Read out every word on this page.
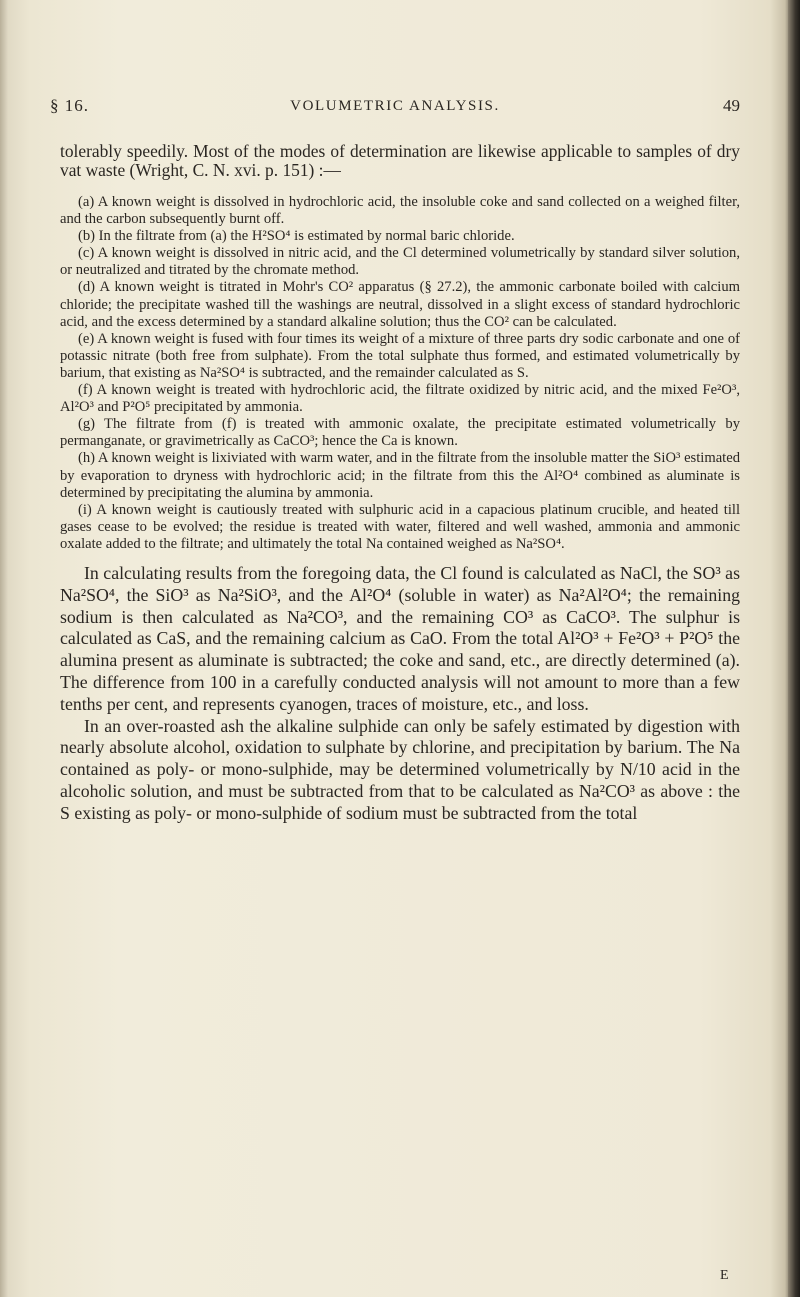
§ 16.	VOLUMETRIC ANALYSIS.	49

tolerably speedily. Most of the modes of determination are likewise applicable to samples of dry vat waste (Wright, C. N. xvi. p. 151) :—

(a) A known weight is dissolved in hydrochloric acid, the insoluble coke and sand collected on a weighed filter, and the carbon subsequently burnt off.

(b) In the filtrate from (a) the H²SO⁴ is estimated by normal baric chloride.

(c) A known weight is dissolved in nitric acid, and the Cl determined volumetrically by standard silver solution, or neutralized and titrated by the chromate method.

(d) A known weight is titrated in Mohr's CO² apparatus (§ 27.2), the ammonic carbonate boiled with calcium chloride; the precipitate washed till the washings are neutral, dissolved in a slight excess of standard hydrochloric acid, and the excess determined by a standard alkaline solution; thus the CO² can be calculated.

(e) A known weight is fused with four times its weight of a mixture of three parts dry sodic carbonate and one of potassic nitrate (both free from sulphate). From the total sulphate thus formed, and estimated volumetrically by barium, that existing as Na²SO⁴ is subtracted, and the remainder calculated as S.

(f) A known weight is treated with hydrochloric acid, the filtrate oxidized by nitric acid, and the mixed Fe²O³, Al²O³ and P²O⁵ precipitated by ammonia.

(g) The filtrate from (f) is treated with ammonic oxalate, the precipitate estimated volumetrically by permanganate, or gravimetrically as CaCO³; hence the Ca is known.

(h) A known weight is lixiviated with warm water, and in the filtrate from the insoluble matter the SiO³ estimated by evaporation to dryness with hydrochloric acid; in the filtrate from this the Al²O⁴ combined as aluminate is determined by precipitating the alumina by ammonia.

(i) A known weight is cautiously treated with sulphuric acid in a capacious platinum crucible, and heated till gases cease to be evolved; the residue is treated with water, filtered and well washed, ammonia and ammonic oxalate added to the filtrate; and ultimately the total Na contained weighed as Na²SO⁴.

In calculating results from the foregoing data, the Cl found is calculated as NaCl, the SO³ as Na²SO⁴, the SiO³ as Na²SiO³, and the Al²O⁴ (soluble in water) as Na²Al²O⁴; the remaining sodium is then calculated as Na²CO³, and the remaining CO³ as CaCO³. The sulphur is calculated as CaS, and the remaining calcium as CaO. From the total Al²O³ + Fe²O³ + P²O⁵ the alumina present as aluminate is subtracted; the coke and sand, etc., are directly determined (a). The difference from 100 in a carefully conducted analysis will not amount to more than a few tenths per cent, and represents cyanogen, traces of moisture, etc., and loss.

In an over-roasted ash the alkaline sulphide can only be safely estimated by digestion with nearly absolute alcohol, oxidation to sulphate by chlorine, and precipitation by barium. The Na contained as poly- or mono-sulphide, may be determined volumetrically by N/10 acid in the alcoholic solution, and must be subtracted from that to be calculated as Na²CO³ as above : the S existing as poly- or mono-sulphide of sodium must be subtracted from the total

E
